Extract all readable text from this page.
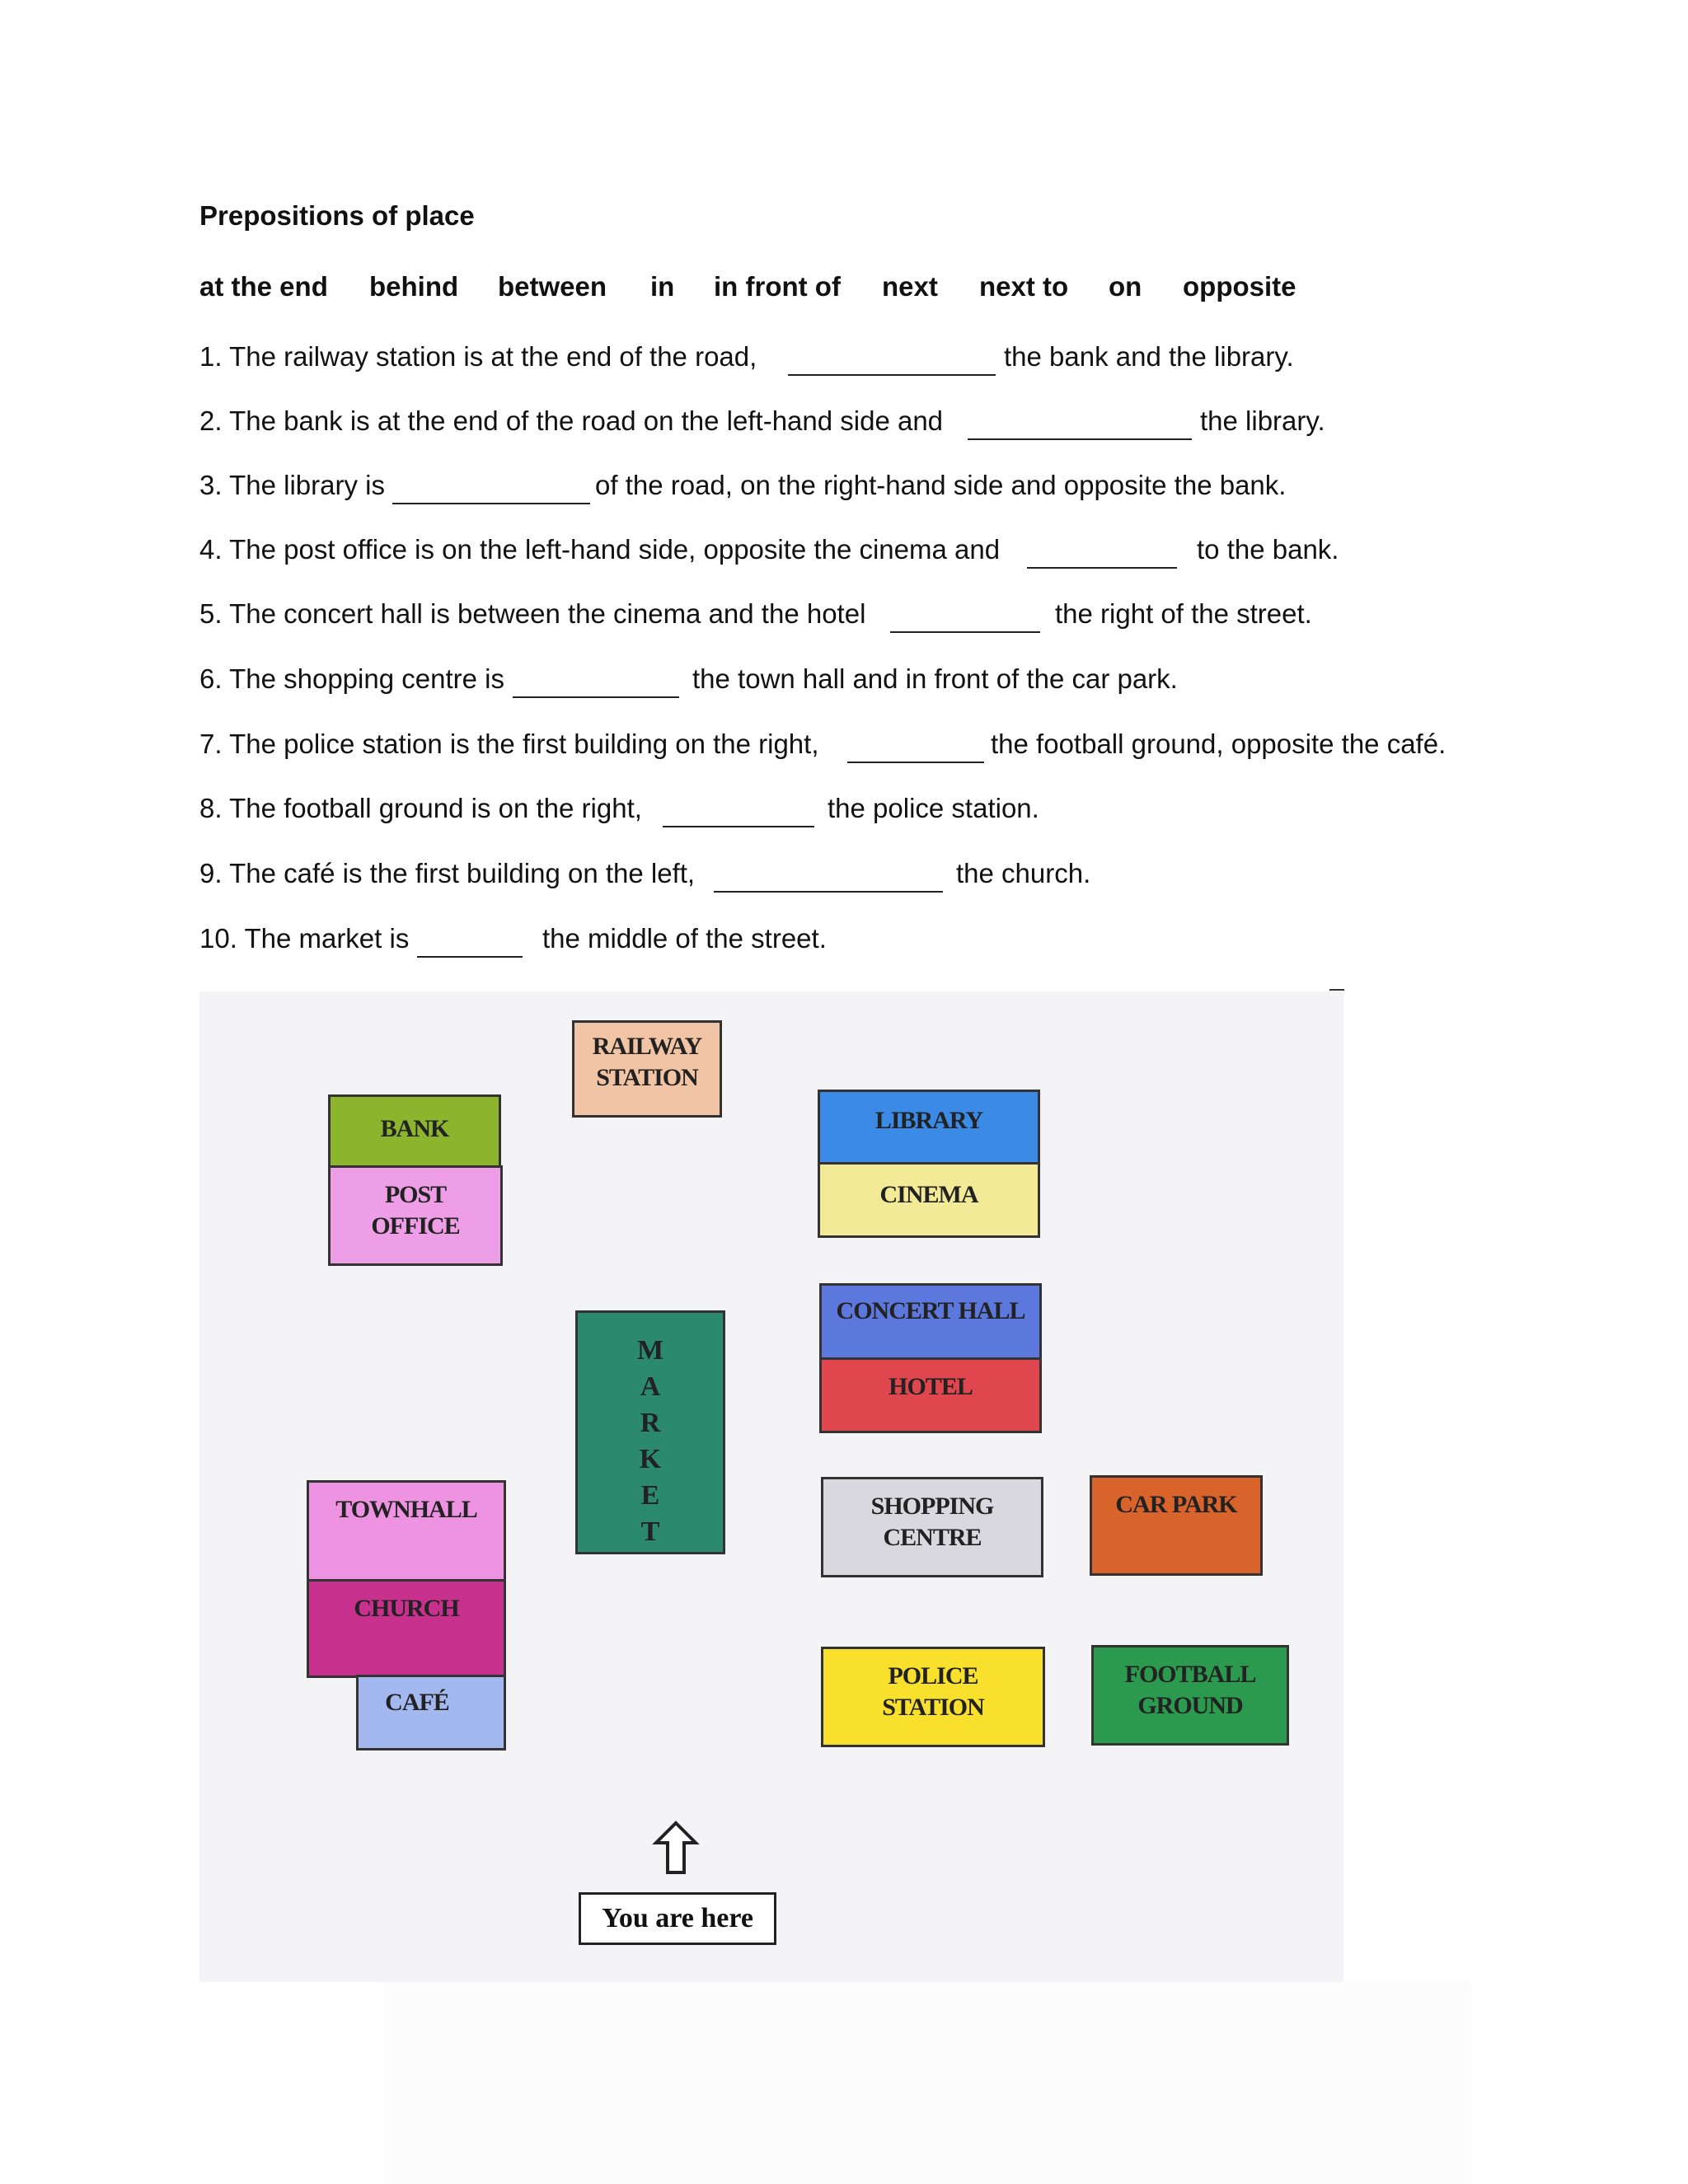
Prepositions of place
at the end behind between in in front of next next to on opposite
1. The railway station is at the end of the road,	the bank and the library.
2. The bank is at the end of the road on the left-hand side and	the library.
3. The library is	of the road, on the right-hand side and opposite the bank.
4. The post office is on the left-hand side, opposite the cinema and	to the bank.
5. The concert hall is between the cinema and the hotel	the right of the street.
6. The shopping centre is	the town hall and in front of the car park.
7. The police station is the first building on the right,	the football ground, opposite the café.
8. The football ground is on the right,	the police station.
9. The café is the first building on the left,	the church.
10. The market is	the middle of the street.
RAILWAY
STATION
BANK
POST
OFFICE
LIBRARY
CINEMA
CONCERT HALL
HOTEL
M
A
R
K
E
T
TOWNHALL
CHURCH
CAFÉ
SHOPPING
CENTRE
CAR PARK
POLICE
STATION
FOOTBALL
GROUND
You are here
